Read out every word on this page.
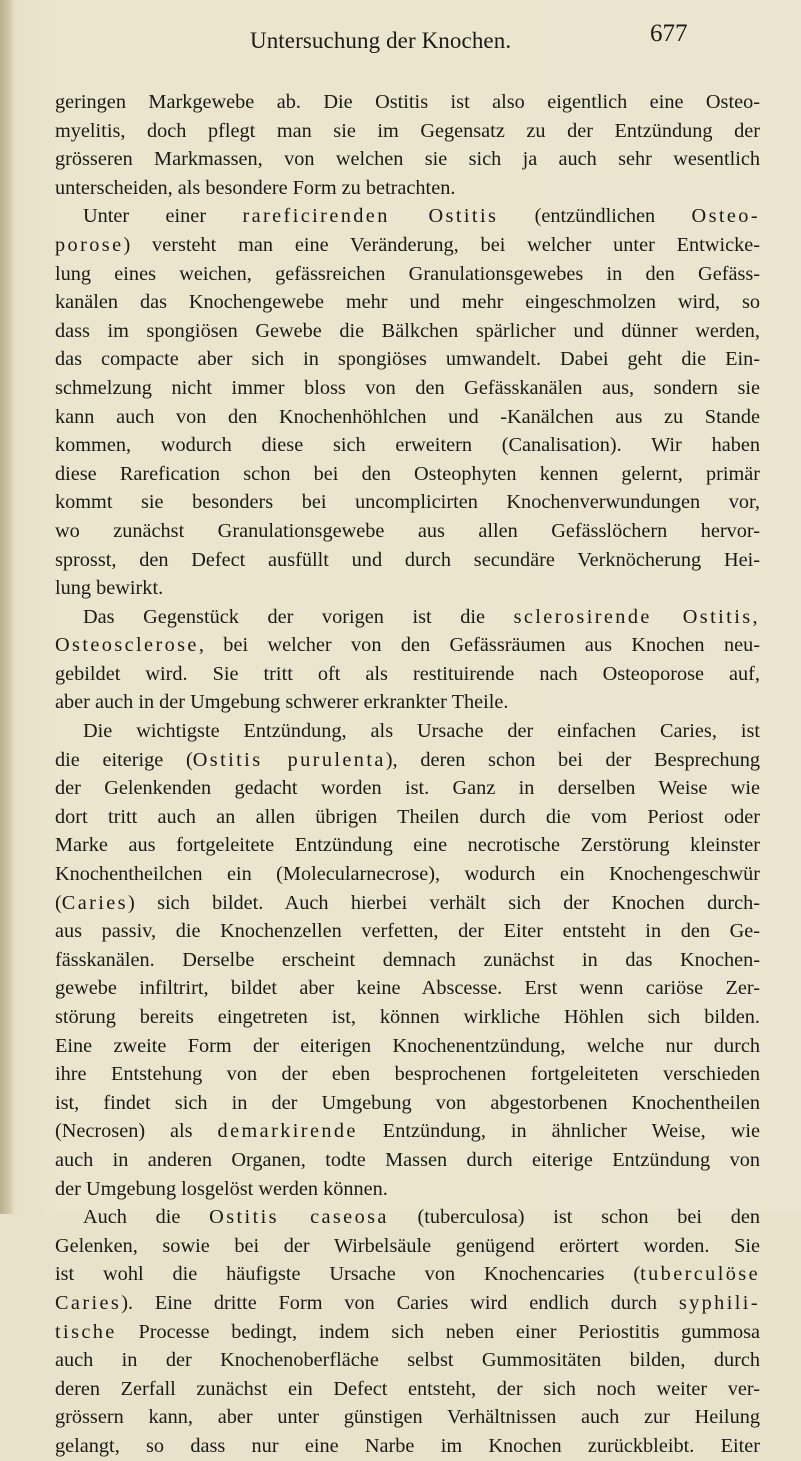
Untersuchung der Knochen.	677
geringen Markgewebe ab. Die Ostitis ist also eigentlich eine Osteo-
myelitis, doch pflegt man sie im Gegensatz zu der Entzündung der
grösseren Markmassen, von welchen sie sich ja auch sehr wesentlich
unterscheiden, als besondere Form zu betrachten.
Unter einer rareficirenden Ostitis (entzündlichen Osteo-
porose) versteht man eine Veränderung, bei welcher unter Entwicke-
lung eines weichen, gefässreichen Granulationsgewebes in den Gefäss-
kanälen das Knochengewebe mehr und mehr eingeschmolzen wird, so
dass im spongiösen Gewebe die Bälkchen spärlicher und dünner werden,
das compacte aber sich in spongiöses umwandelt. Dabei geht die Ein-
schmelzung nicht immer bloss von den Gefässkanälen aus, sondern sie
kann auch von den Knochenhöhlchen und -Kanälchen aus zu Stande
kommen, wodurch diese sich erweitern (Canalisation). Wir haben
diese Rarefication schon bei den Osteophyten kennen gelernt, primär
kommt sie besonders bei uncomplicirten Knochenverwundungen vor,
wo zunächst Granulationsgewebe aus allen Gefässlöchern hervor-
sprosst, den Defect ausfüllt und durch secundäre Verknöcherung Hei-
lung bewirkt.
Das Gegenstück der vorigen ist die sclerosirende Ostitis,
Osteosclerose, bei welcher von den Gefässräumen aus Knochen neu-
gebildet wird. Sie tritt oft als restituirende nach Osteoporose auf,
aber auch in der Umgebung schwerer erkrankter Theile.
Die wichtigste Entzündung, als Ursache der einfachen Caries, ist
die eiterige (Ostitis purulenta), deren schon bei der Besprechung
der Gelenkenden gedacht worden ist. Ganz in derselben Weise wie
dort tritt auch an allen übrigen Theilen durch die vom Periost oder
Marke aus fortgeleitete Entzündung eine necrotische Zerstörung kleinster
Knochentheilchen ein (Molecularnecrose), wodurch ein Knochengeschwür
(Caries) sich bildet. Auch hierbei verhält sich der Knochen durch-
aus passiv, die Knochenzellen verfetten, der Eiter entsteht in den Ge-
fässkanälen. Derselbe erscheint demnach zunächst in das Knochen-
gewebe infiltrirt, bildet aber keine Abscesse. Erst wenn cariöse Zer-
störung bereits eingetreten ist, können wirkliche Höhlen sich bilden.
Eine zweite Form der eiterigen Knochenentzündung, welche nur durch
ihre Entstehung von der eben besprochenen fortgeleiteten verschieden
ist, findet sich in der Umgebung von abgestorbenen Knochentheilen
(Necrosen) als demarkirende Entzündung, in ähnlicher Weise, wie
auch in anderen Organen, todte Massen durch eiterige Entzündung von
der Umgebung losgelöst werden können.
Auch die Ostitis caseosa (tuberculosa) ist schon bei den
Gelenken, sowie bei der Wirbelsäule genügend erörtert worden. Sie
ist wohl die häufigste Ursache von Knochencaries (tuberculöse
Caries). Eine dritte Form von Caries wird endlich durch syphili-
tische Processe bedingt, indem sich neben einer Periostitis gummosa
auch in der Knochenoberfläche selbst Gummositäten bilden, durch
deren Zerfall zunächst ein Defect entsteht, der sich noch weiter ver-
grössern kann, aber unter günstigen Verhältnissen auch zur Heilung
gelangt, so dass nur eine Narbe im Knochen zurückbleibt. Eiter
